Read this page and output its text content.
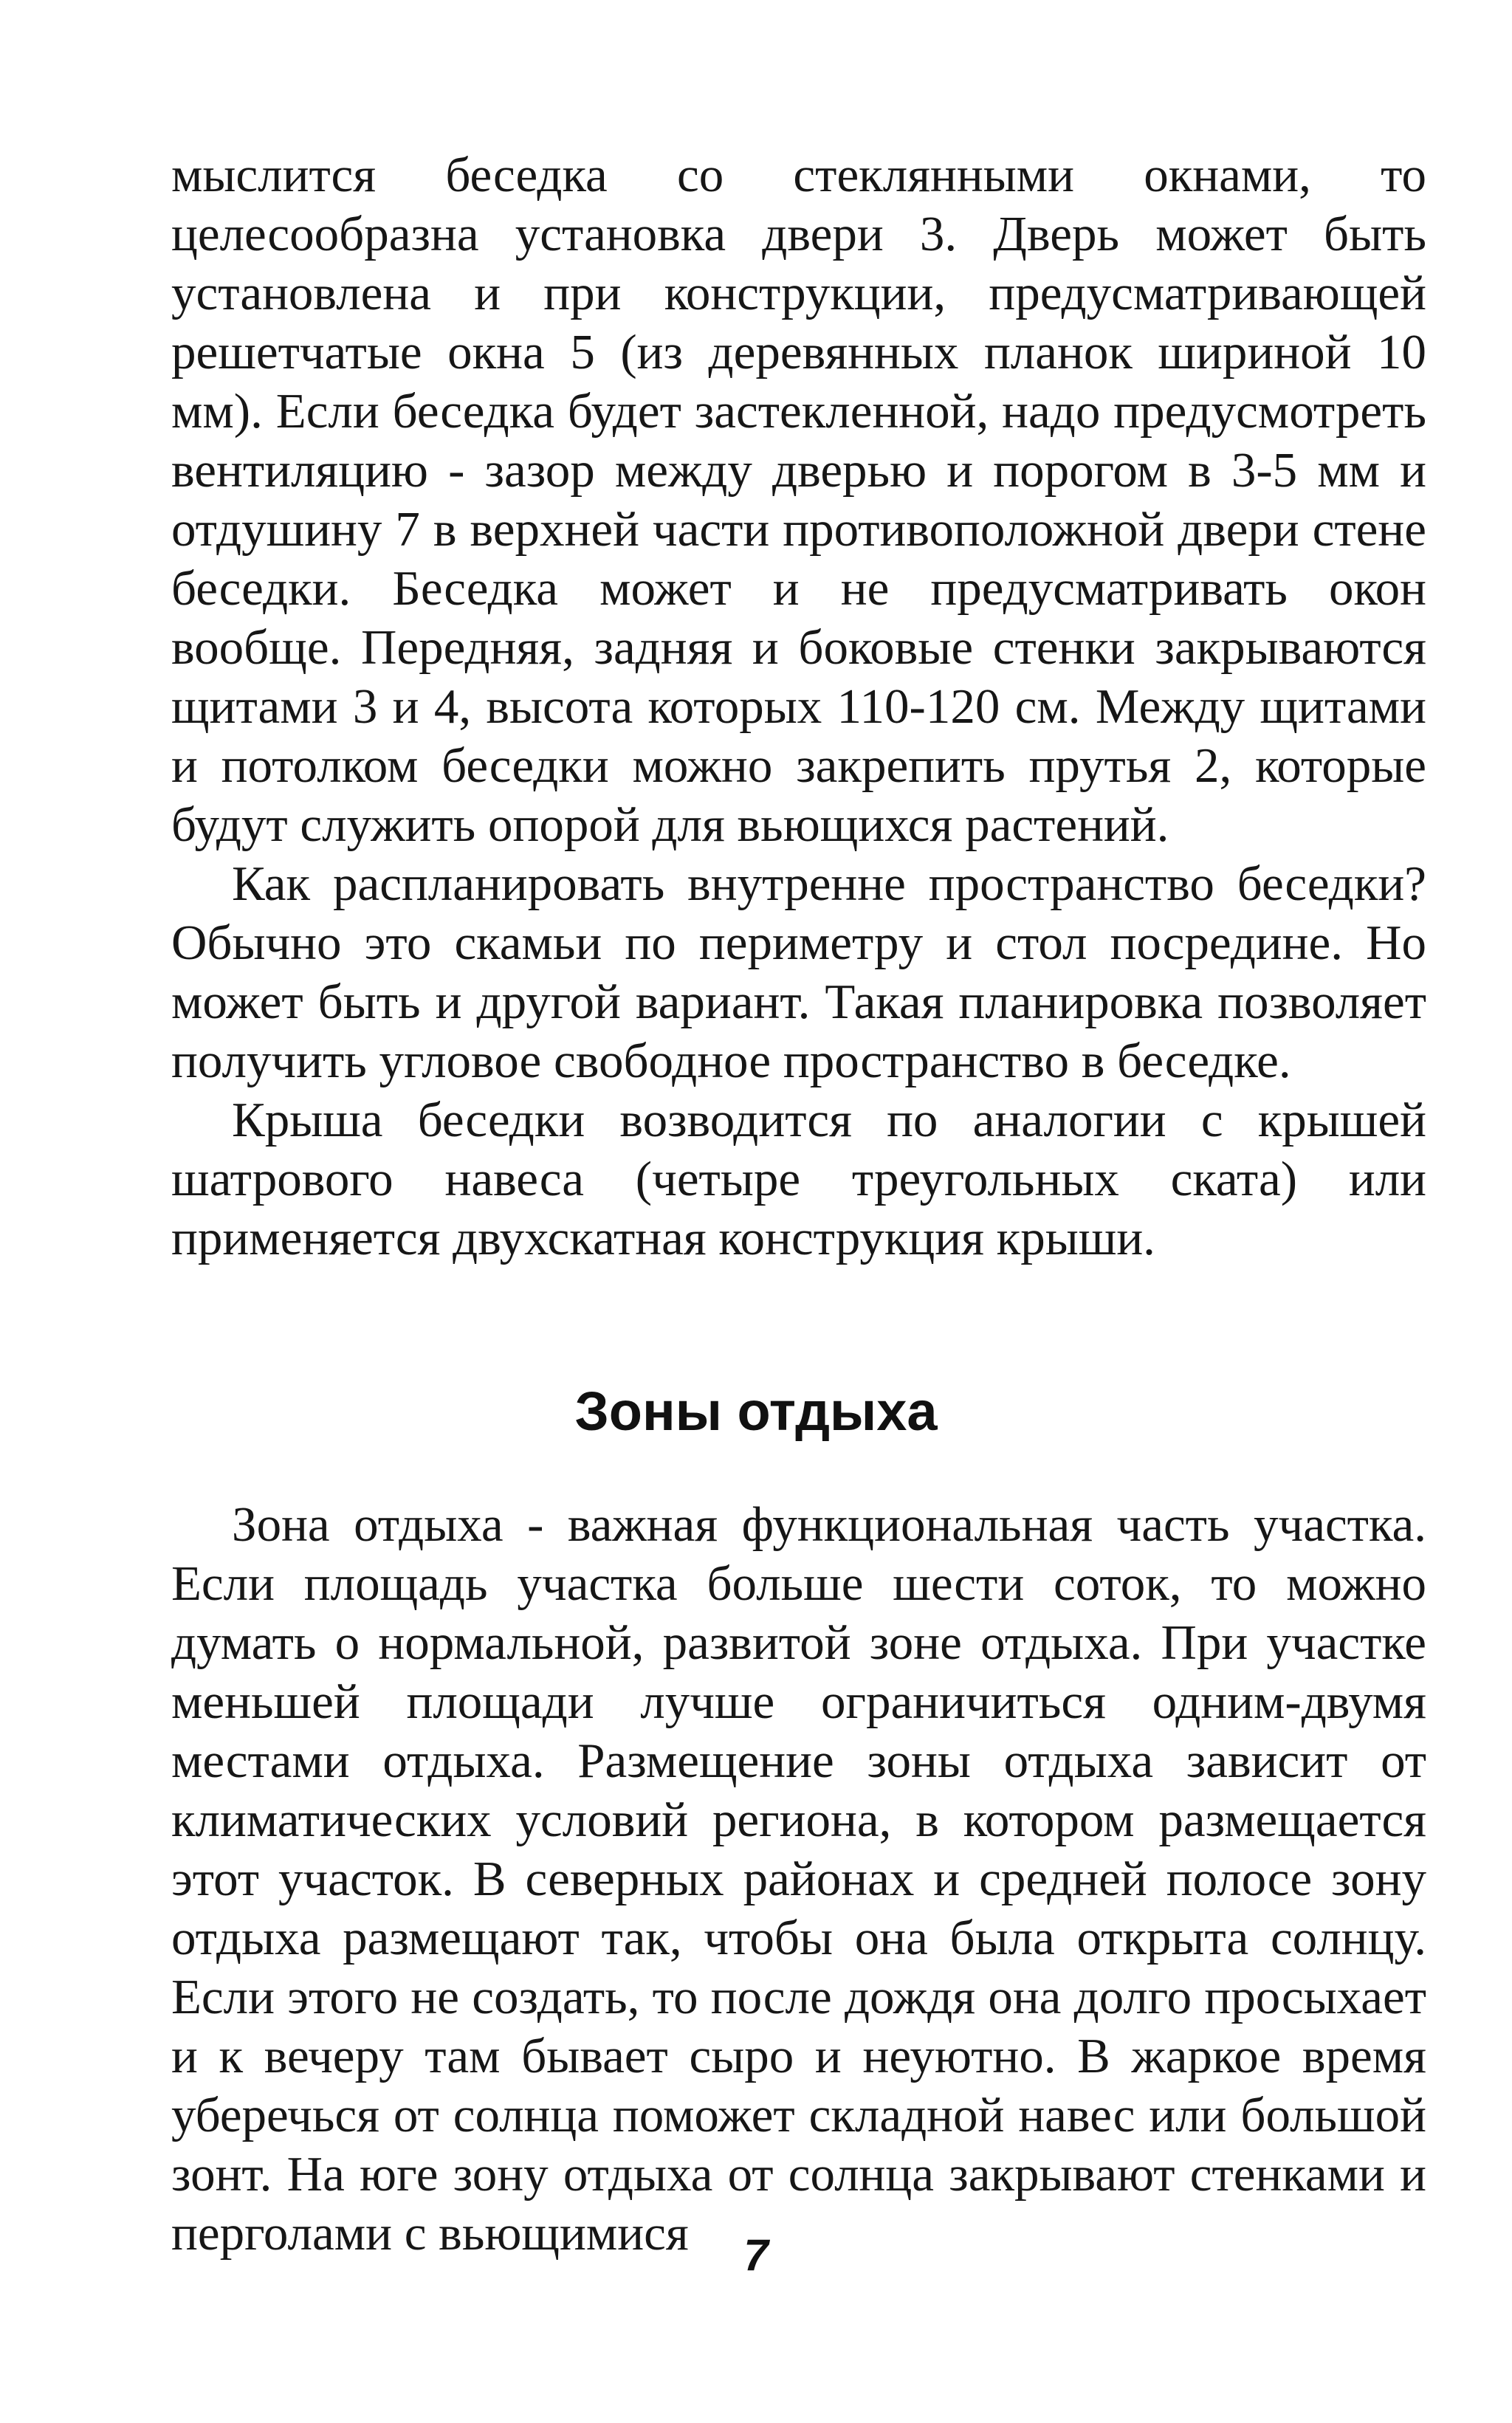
мыслится беседка со стеклянными окнами, то целесообразна установка двери 3. Дверь может быть установлена и при конструкции, предусматривающей решетчатые окна 5 (из деревянных планок шириной 10 мм). Если беседка будет застекленной, надо предусмотреть вентиляцию - зазор между дверью и порогом в 3-5 мм и отдушину 7 в верхней части противоположной двери стене беседки. Беседка может и не предусматривать окон вообще. Передняя, задняя и боковые стенки закрываются щитами 3 и 4, высота которых 110-120 см. Между щитами и потолком беседки можно закрепить прутья 2, которые будут служить опорой для вьющихся растений.

Как распланировать внутренне пространство беседки? Обычно это скамьи по периметру и стол посредине. Но может быть и другой вариант. Такая планировка позволяет получить угловое свободное пространство в беседке.

Крыша беседки возводится по аналогии с крышей шатрового навеса (четыре треугольных ската) или применяется двухскатная конструкция крыши.

Зоны отдыха

Зона отдыха - важная функциональная часть участка. Если площадь участка больше шести соток, то можно думать о нормальной, развитой зоне отдыха. При участке меньшей площади лучше ограничиться одним-двумя местами отдыха. Размещение зоны отдыха зависит от климатических условий региона, в котором размещается этот участок. В северных районах и средней полосе зону отдыха размещают так, чтобы она была открыта солнцу. Если этого не создать, то после дождя она долго просыхает и к вечеру там бывает сыро и неуютно. В жаркое время уберечься от солнца поможет складной навес или большой зонт. На юге зону отдыха от солнца закрывают стенками и перголами с вьющимися	7
